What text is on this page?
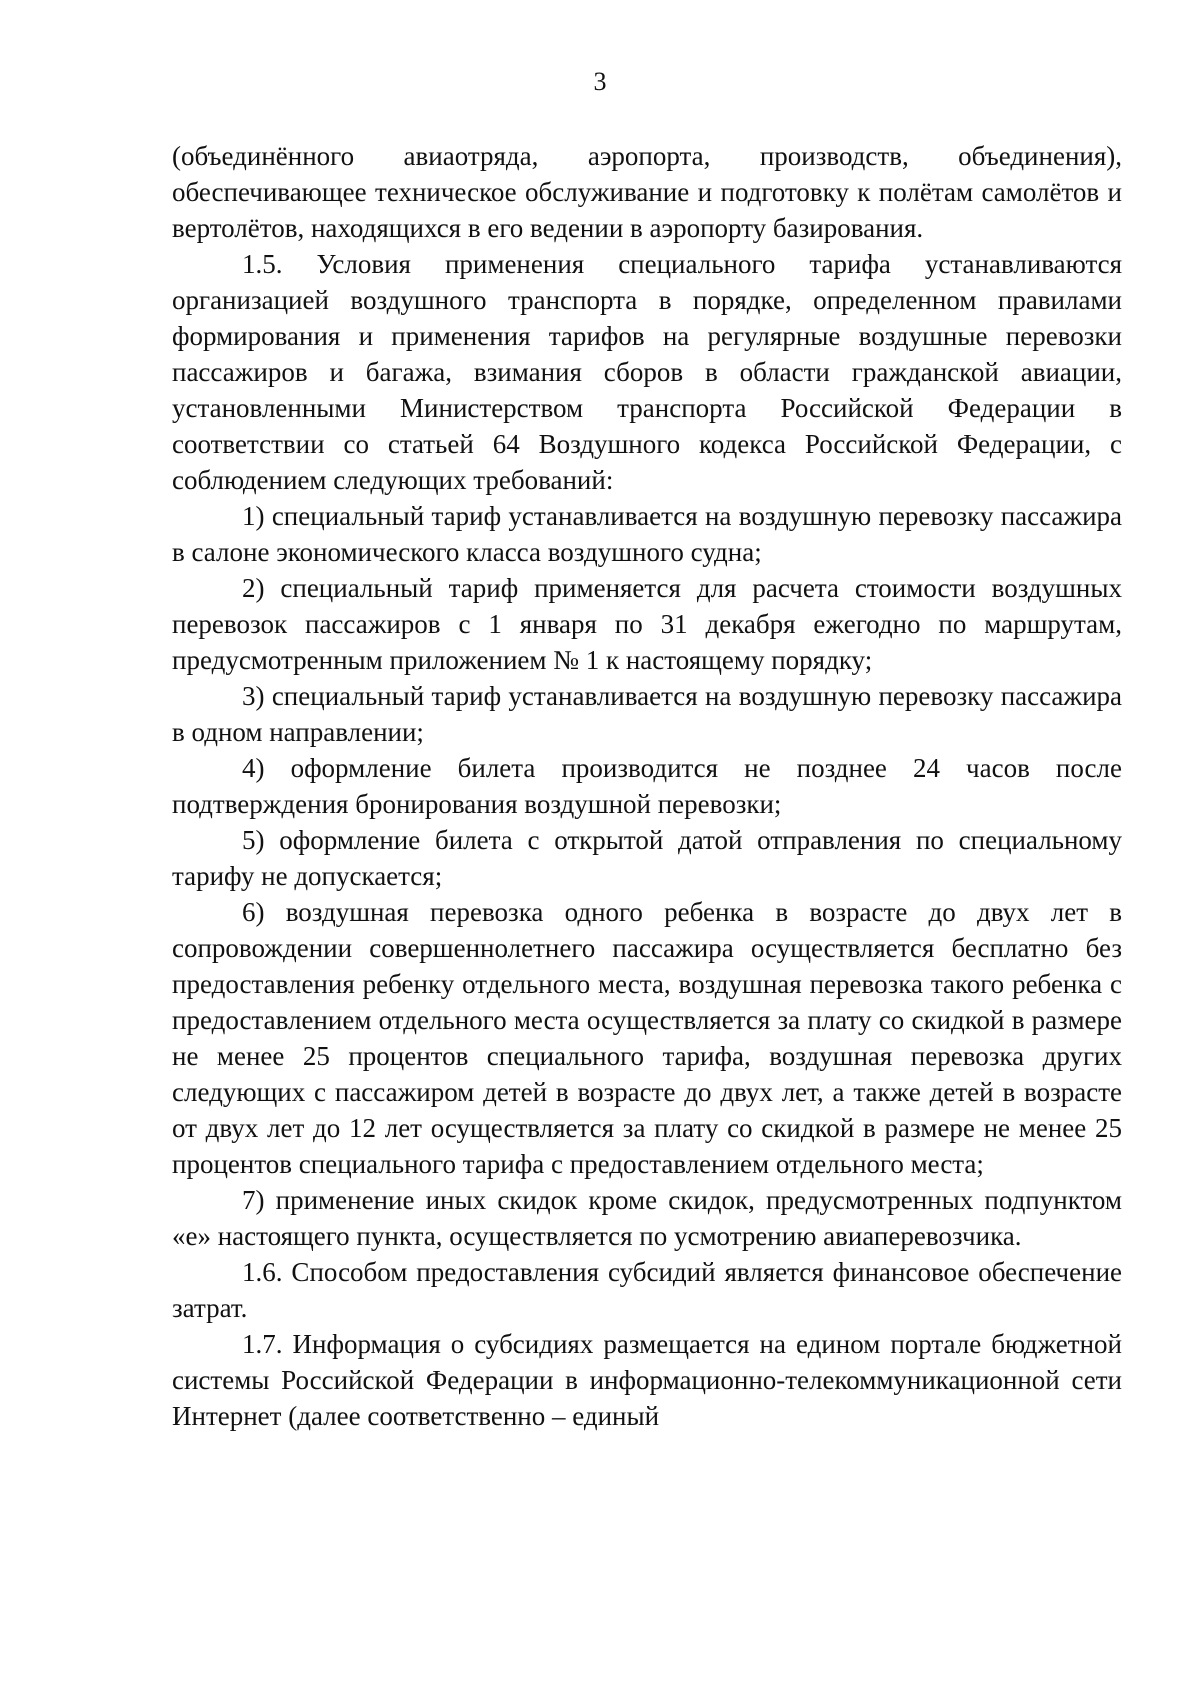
3

(объединённого авиаотряда, аэропорта, производств, объединения), обеспечивающее техническое обслуживание и подготовку к полётам самолётов и вертолётов, находящихся в его ведении в аэропорту базирования.

1.5. Условия применения специального тарифа устанавливаются организацией воздушного транспорта в порядке, определенном правилами формирования и применения тарифов на регулярные воздушные перевозки пассажиров и багажа, взимания сборов в области гражданской авиации, установленными Министерством транспорта Российской Федерации в соответствии со статьей 64 Воздушного кодекса Российской Федерации, с соблюдением следующих требований:

1) специальный тариф устанавливается на воздушную перевозку пассажира в салоне экономического класса воздушного судна;

2) специальный тариф применяется для расчета стоимости воздушных перевозок пассажиров с 1 января по 31 декабря ежегодно по маршрутам, предусмотренным приложением № 1 к настоящему порядку;

3) специальный тариф устанавливается на воздушную перевозку пассажира в одном направлении;

4) оформление билета производится не позднее 24 часов после подтверждения бронирования воздушной перевозки;

5) оформление билета с открытой датой отправления по специальному тарифу не допускается;

6) воздушная перевозка одного ребенка в возрасте до двух лет в сопровождении совершеннолетнего пассажира осуществляется бесплатно без предоставления ребенку отдельного места, воздушная перевозка такого ребенка с предоставлением отдельного места осуществляется за плату со скидкой в размере не менее 25 процентов специального тарифа, воздушная перевозка других следующих с пассажиром детей в возрасте до двух лет, а также детей в возрасте от двух лет до 12 лет осуществляется за плату со скидкой в размере не менее 25 процентов специального тарифа с предоставлением отдельного места;

7) применение иных скидок кроме скидок, предусмотренных подпунктом «е» настоящего пункта, осуществляется по усмотрению авиаперевозчика.

1.6. Способом предоставления субсидий является финансовое обеспечение затрат.

1.7. Информация о субсидиях размещается на едином портале бюджетной системы Российской Федерации в информационно-телекоммуникационной сети Интернет (далее соответственно – единый
